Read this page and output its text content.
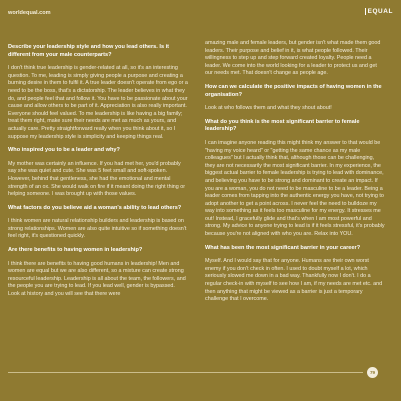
worldequal.com	EQUAL
Describe your leadership style and how you lead others. Is it different from your male counterparts?

I don't think true leadership is gender-related at all, so it's an interesting question. To me, leading is simply giving people a purpose and creating a burning desire in them to fulfil it. A true leader doesn't operate from ego or a need to be the boss, that's a dictatorship. The leader believes in what they do, and people feel that and follow it. You have to be passionate about your cause and allow others to be part of it. Appreciation is also really important. Everyone should feel valued. To me leadership is like having a big family; treat them right, make sure their needs are met as much as yours, and actually care. Pretty straightforward really when you think about it, so I suppose my leadership style is simplicity and keeping things real.

Who inspired you to be a leader and why?

My mother was certainly an influence. If you had met her, you'd probably say she was quiet and cute. She was 5 feet small and soft-spoken. However, behind that gentleness, she had the emotional and mental strength of an ox. She would walk on fire if it meant doing the right thing or helping someone. I was brought up with those values.

What factors do you believe aid a woman's ability to lead others?

I think women are natural relationship builders and leadership is based on strong relationships. Women are also quite intuitive so if something doesn't feel right, it's questioned quickly.

Are there benefits to having women in leadership?

I think there are benefits to having good humans in leadership! Men and women are equal but we are also different, so a mixture can create strong resourceful leadership. Leadership is all about the team, the followers, and the people you are trying to lead. If you lead well, gender is bypassed. Look at history and you will see that there were

amazing male and female leaders, but gender isn't what made them good leaders. Their purpose and belief in it, is what people followed. Their willingness to step up and step forward created loyalty. People need a leader. We come into the world looking for a leader to protect us and get our needs met. That doesn't change as people age.

How can we calculate the positive impacts of having women in the organisation?

Look at who follows them and what they shout about!

What do you think is the most significant barrier to female leadership?

I can imagine anyone reading this might think my answer to that would be "having my voice heard" or "getting the same chance as my male colleagues" but I actually think that, although those can be challenging, they are not necessarily the most significant barrier. In my experience, the biggest actual barrier to female leadership is trying to lead with dominance, and believing you have to be strong and dominant to create an impact. If you are a woman, you do not need to be masculine to be a leader. Being a leader comes from tapping into the authentic energy you have, not trying to adopt another to get a point across. I never feel the need to bulldoze my way into something as it feels too masculine for my energy. It stresses me out! Instead, I gracefully glide and that's when I am most powerful and strong. My advice to anyone trying to lead is if it feels stressful, it's probably because you're not aligned with who you are. Relax into YOU.

What has been the most significant barrier in your career?

Myself. And I would say that for anyone. Humans are their own worst enemy if you don't check in often. I used to doubt myself a lot, which seriously slowed me down in a bad way. Thankfully now I don't. I do a regular check-in with myself to see how I am, if my needs are met etc. and then anything that might be viewed as a barrier is just a temporary challenge that I overcome.

79
